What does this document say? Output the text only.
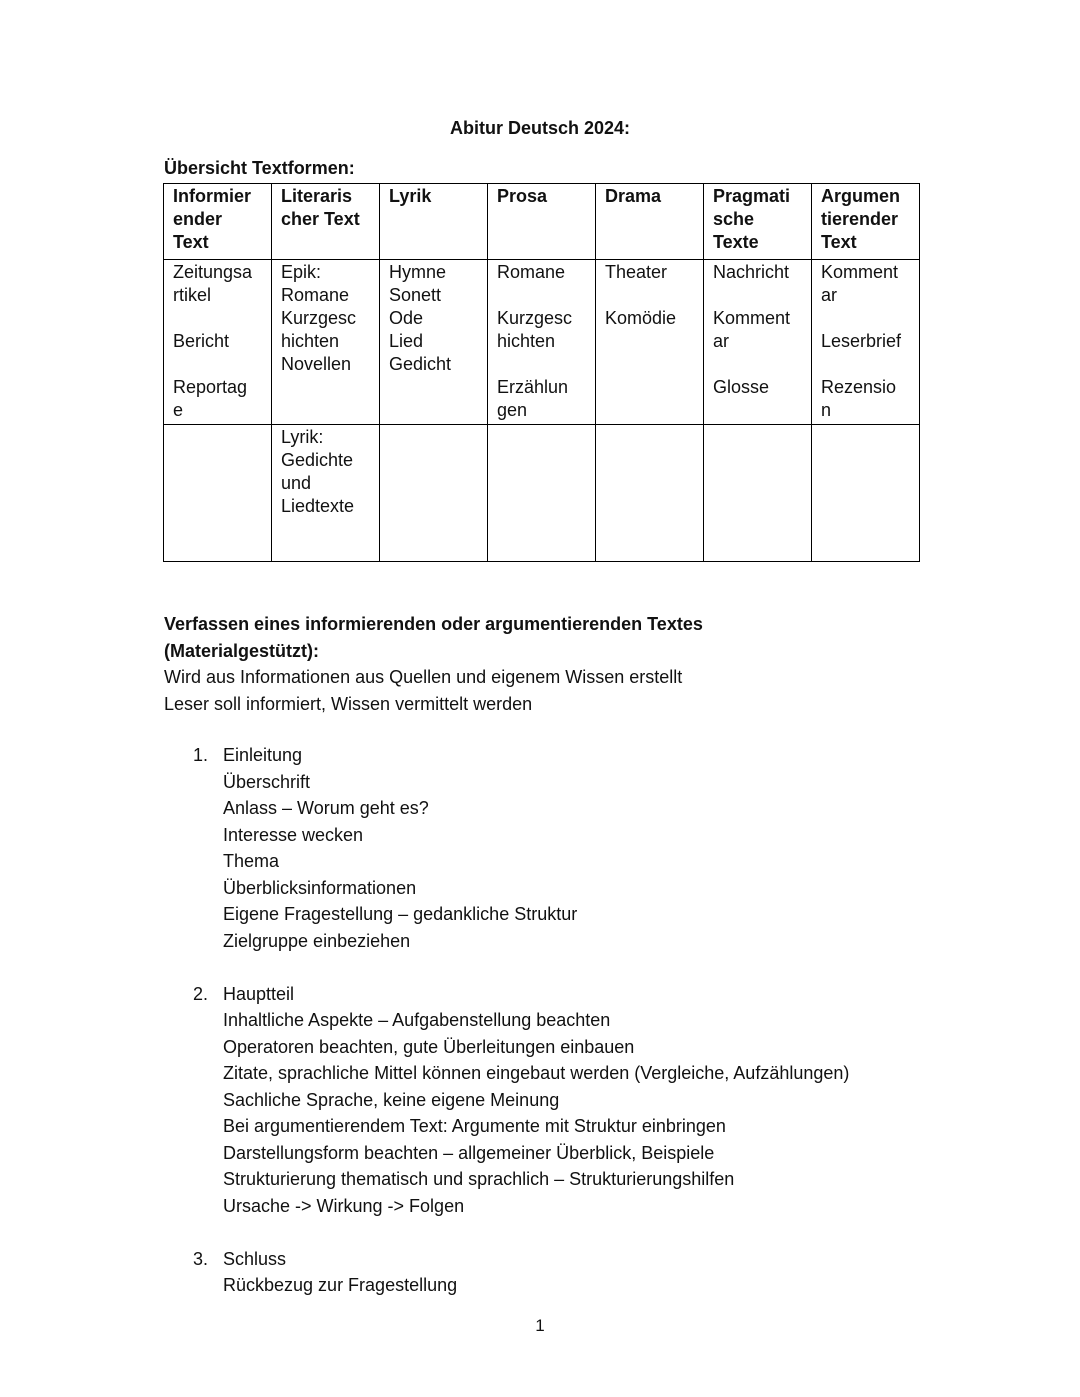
Abitur Deutsch 2024:
Übersicht Textformen:
Informier
ender
Text	Literaris
cher Text	Lyrik	Prosa	Drama	Pragmati
sche
Texte	Argumen
tierender
Text

Zeitungsa
rtikel
Bericht
Reportag
e	Epik:
Romane
Kurzgesc
hichten
Novellen	Hymne
Sonett
Ode
Lied
Gedicht	Romane
Kurzgesc
hichten
Erzählun
gen	Theater
Komödie	Nachricht
Komment
ar
Glosse	Komment
ar
Leserbrief
Rezensio
n

	Lyrik:
Gedichte
und
Liedtexte					

Verfassen eines informierenden oder argumentierenden Textes
(Materialgestützt):
Wird aus Informationen aus Quellen und eigenem Wissen erstellt
Leser soll informiert, Wissen vermittelt werden
1. Einleitung
Überschrift
Anlass – Worum geht es?
Interesse wecken
Thema
Überblicksinformationen
Eigene Fragestellung – gedankliche Struktur
Zielgruppe einbeziehen
2. Hauptteil
Inhaltliche Aspekte – Aufgabenstellung beachten
Operatoren beachten, gute Überleitungen einbauen
Zitate, sprachliche Mittel können eingebaut werden (Vergleiche, Aufzählungen)
Sachliche Sprache, keine eigene Meinung
Bei argumentierendem Text: Argumente mit Struktur einbringen
Darstellungsform beachten – allgemeiner Überblick, Beispiele
Strukturierung thematisch und sprachlich – Strukturierungshilfen
Ursache -> Wirkung -> Folgen
3. Schluss
Rückbezug zur Fragestellung
1
